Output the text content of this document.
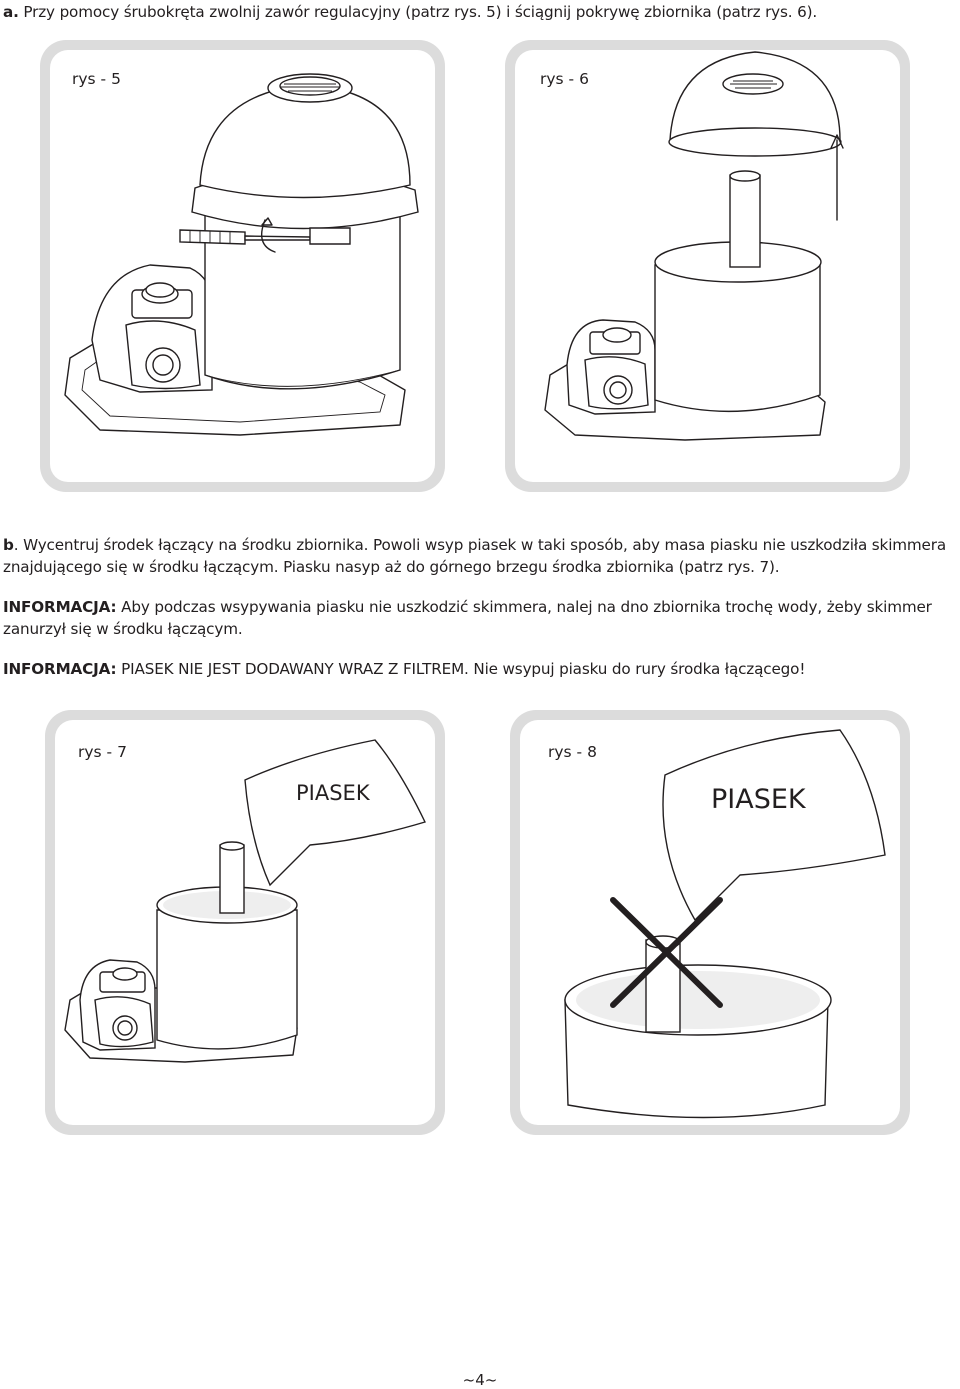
a. Przy pomocy śrubokręta zwolnij zawór regulacyjny (patrz rys. 5) i ściągnij pokrywę zbiornika (patrz rys. 6).
rys - 5	rys - 6
b. Wycentruj środek łączący na środku zbiornika. Powoli wsyp piasek w taki sposób, aby masa piasku nie uszkodziła skimmera znajdującego się w środku łączącym. Piasku nasyp aż do górnego brzegu środka zbiornika (patrz rys. 7).
INFORMACJA: Aby podczas wsypywania piasku nie uszkodzić skimmera, nalej na dno zbiornika trochę wody, żeby skimmer zanurzył się w środku łączącym.
INFORMACJA: PIASEK NIE JEST DODAWANY WRAZ Z FILTREM. Nie wsypuj piasku do rury środka łączącego!
rys - 7
PIASEK
rys - 8
PIASEK
~4~
